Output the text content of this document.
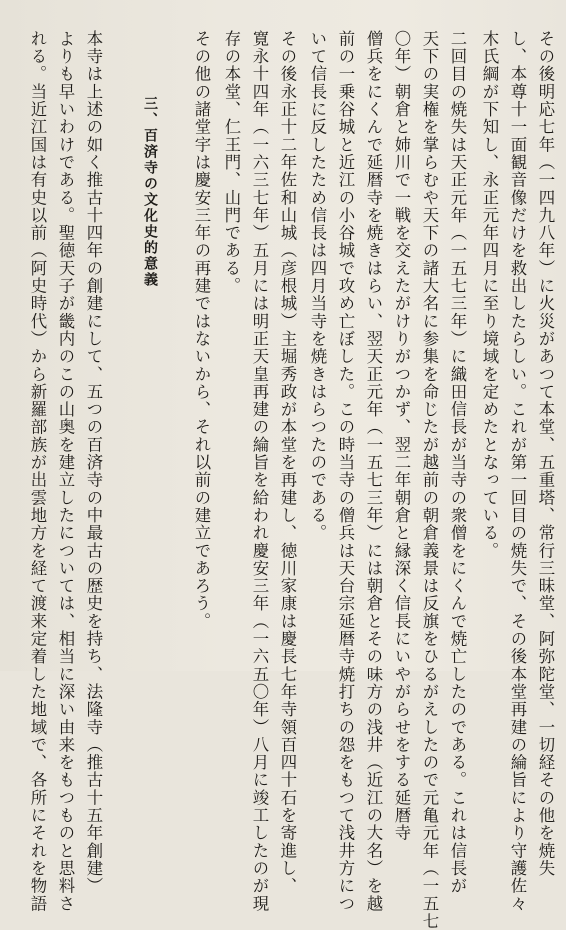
その後明応七年（一四九八年）に火災があつて本堂、五重塔、常行三昧堂、阿弥陀堂、一切経その他を焼失
し、本尊十一面観音像だけを救出したらしい。これが第一回目の焼失で、その後本堂再建の綸旨により守護佐々
木氏綱が下知し、永正元年四月に至り境域を定めたとなっている。
二回目の焼失は天正元年（一五七三年）に織田信長が当寺の衆僧をにくんで焼亡したのである。これは信長が
天下の実権を掌らむや天下の諸大名に参集を命じたが越前の朝倉義景は反旗をひるがえしたので元亀元年（一五七
〇年）朝倉と姉川で一戦を交えたがけりがつかず、翌二年朝倉と縁深く信長にいやがらせをする延暦寺
僧兵をにくんで延暦寺を焼きはらい、翌天正元年（一五七三年）には朝倉とその味方の浅井（近江の大名）を越
前の一乗谷城と近江の小谷城で攻め亡ぼした。この時当寺の僧兵は天台宗延暦寺焼打ちの怨をもつて浅井方につ
いて信長に反したため信長は四月当寺を焼きはらつたのである。
その後永正十二年佐和山城（彦根城）主堀秀政が本堂を再建し、徳川家康は慶長七年寺領百四十石を寄進し、
寛永十四年（一六三七年）五月には明正天皇再建の綸旨を給われ慶安三年（一六五〇年）八月に竣工したのが現
存の本堂、仁王門、山門である。
その他の諸堂宇は慶安三年の再建ではないから、それ以前の建立であろう。
三、百済寺の文化史的意義
本寺は上述の如く推古十四年の創建にして、五つの百済寺の中最古の歴史を持ち、法隆寺（推古十五年創建）
よりも早いわけである。聖徳天子が畿内のこの山奥を建立したについては、相当に深い由来をもつものと思料さ
れる。当近江国は有史以前（阿史時代）から新羅部族が出雲地方を経て渡来定着した地域で、各所にそれを物語
